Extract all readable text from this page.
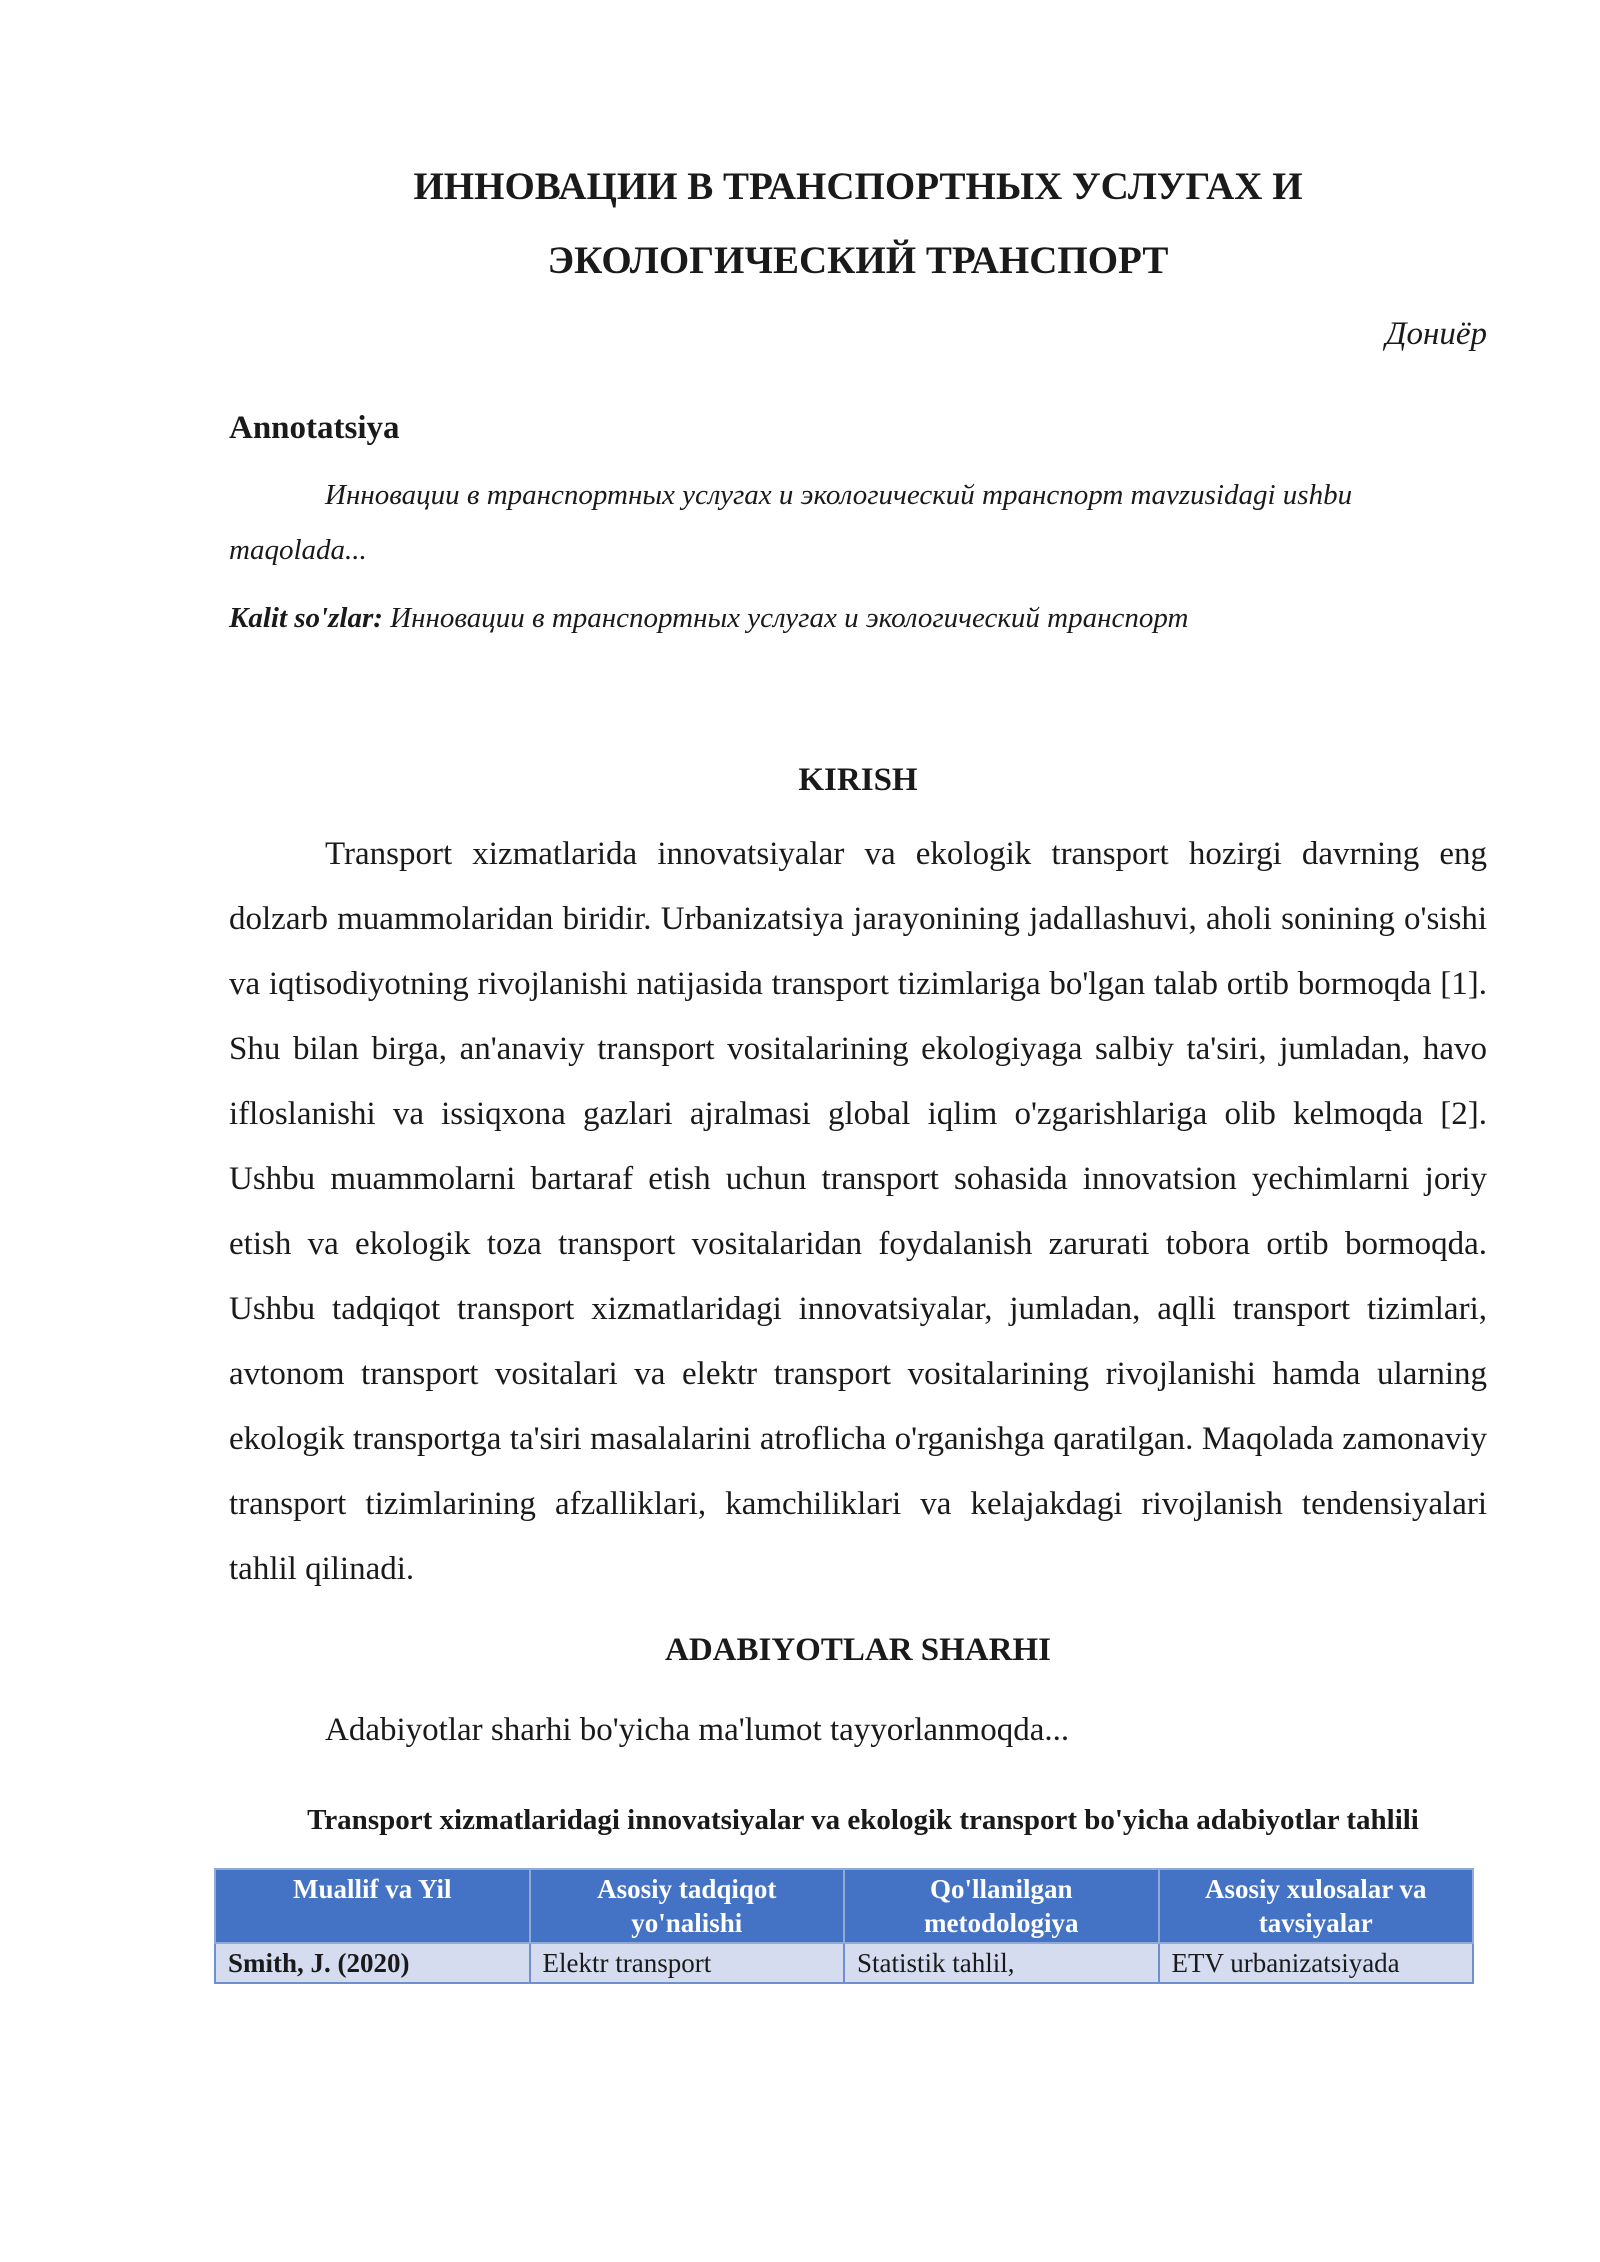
ИННОВАЦИИ В ТРАНСПОРТНЫХ УСЛУГАХ И
ЭКОЛОГИЧЕСКИЙ ТРАНСПОРТ
Дониёр
Annotatsiya
Инновации в транспортных услугах и экологический транспорт mavzusidagi ushbu maqolada...
Kalit so'zlar: Инновации в транспортных услугах и экологический транспорт
KIRISH
Transport xizmatlarida innovatsiyalar va ekologik transport hozirgi davrning eng dolzarb muammolaridan biridir. Urbanizatsiya jarayonining jadallashuvi, aholi sonining o'sishi va iqtisodiyotning rivojlanishi natijasida transport tizimlariga bo'lgan talab ortib bormoqda [1]. Shu bilan birga, an'anaviy transport vositalarining ekologiyaga salbiy ta'siri, jumladan, havo ifloslanishi va issiqxona gazlari ajralmasi global iqlim o'zgarishlariga olib kelmoqda [2]. Ushbu muammolarni bartaraf etish uchun transport sohasida innovatsion yechimlarni joriy etish va ekologik toza transport vositalaridan foydalanish zarurati tobora ortib bormoqda. Ushbu tadqiqot transport xizmatlaridagi innovatsiyalar, jumladan, aqlli transport tizimlari, avtonom transport vositalari va elektr transport vositalarining rivojlanishi hamda ularning ekologik transportga ta'siri masalalarini atroflicha o'rganishga qaratilgan. Maqolada zamonaviy transport tizimlarining afzalliklari, kamchiliklari va kelajakdagi rivojlanish tendensiyalari tahlil qilinadi.
ADABIYOTLAR SHARHI
Adabiyotlar sharhi bo'yicha ma'lumot tayyorlanmoqda...
Transport xizmatlaridagi innovatsiyalar va ekologik transport bo'yicha adabiyotlar tahlili
Muallif va Yil	Asosiy tadqiqot yo'nalishi	Qo'llanilgan metodologiya	Asosiy xulosalar va tavsiyalar
Smith, J. (2020)	Elektr transport	Statistik tahlil,	ETV urbanizatsiyada
